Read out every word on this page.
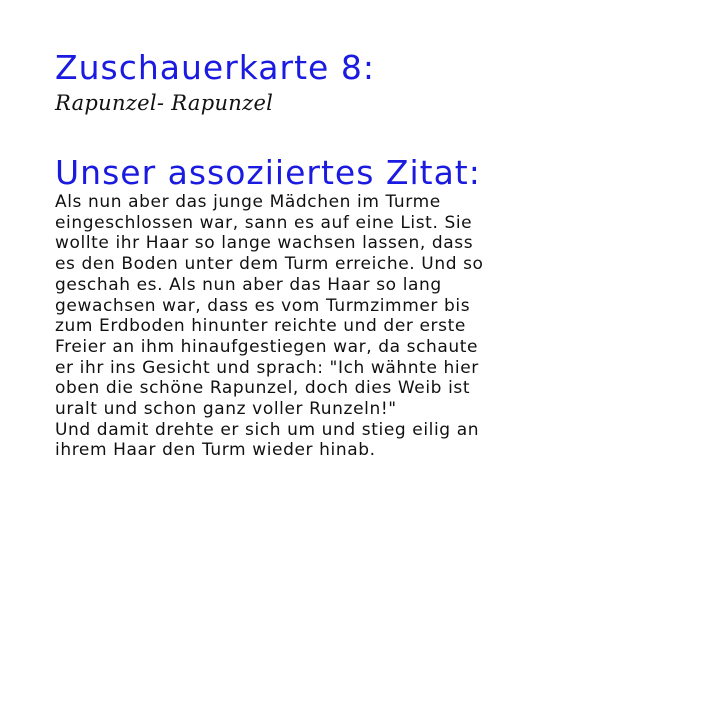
Zuschauerkarte 8:
Rapunzel- Rapunzel
Unser assoziiertes Zitat:
Als nun aber das junge Mädchen im Turme
eingeschlossen war, sann es auf eine List. Sie
wollte ihr Haar so lange wachsen lassen, dass
es den Boden unter dem Turm erreiche. Und so
geschah es. Als nun aber das Haar so lang
gewachsen war, dass es vom Turmzimmer bis
zum Erdboden hinunter reichte und der erste
Freier an ihm hinaufgestiegen war, da schaute
er ihr ins Gesicht und sprach: "Ich wähnte hier
oben die schöne Rapunzel, doch dies Weib ist
uralt und schon ganz voller Runzeln!"
Und damit drehte er sich um und stieg eilig an
ihrem Haar den Turm wieder hinab.
